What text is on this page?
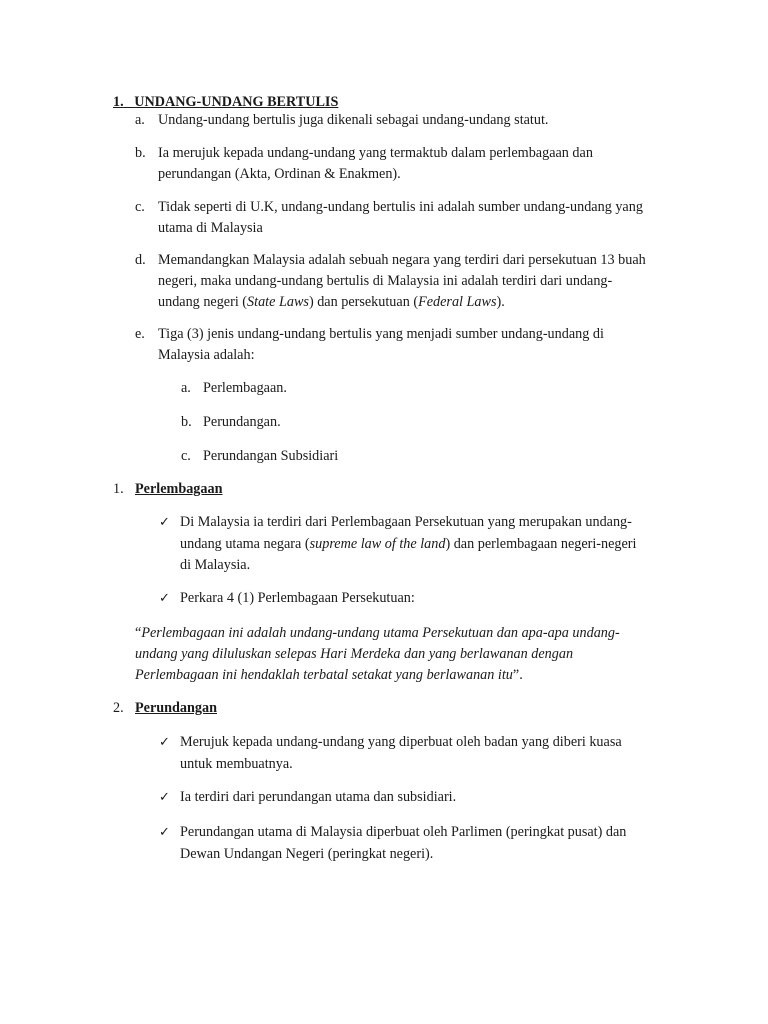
1. UNDANG-UNDANG BERTULIS
a. Undang-undang bertulis juga dikenali sebagai undang-undang statut.
b. Ia merujuk kepada undang-undang yang termaktub dalam perlembagaan dan
perundangan (Akta, Ordinan & Enakmen).
c. Tidak seperti di U.K, undang-undang bertulis ini adalah sumber undang-undang yang
utama di Malaysia
d. Memandangkan Malaysia adalah sebuah negara yang terdiri dari persekutuan 13 buah
negeri, maka undang-undang bertulis di Malaysia ini adalah terdiri dari undang-
undang negeri (State Laws) dan persekutuan (Federal Laws).
e. Tiga (3) jenis undang-undang bertulis yang menjadi sumber undang-undang di
Malaysia adalah:
a. Perlembagaan.
b. Perundangan.
c. Perundangan Subsidiari
1. Perlembagaan
✓ Di Malaysia ia terdiri dari Perlembagaan Persekutuan yang merupakan undang-
undang utama negara (supreme law of the land) dan perlembagaan negeri-negeri
di Malaysia.
✓ Perkara 4 (1) Perlembagaan Persekutuan:
“Perlembagaan ini adalah undang-undang utama Persekutuan dan apa-apa undang-
undang yang diluluskan selepas Hari Merdeka dan yang berlawanan dengan
Perlembagaan ini hendaklah terbatal setakat yang berlawanan itu”.
2. Perundangan
✓ Merujuk kepada undang-undang yang diperbuat oleh badan yang diberi kuasa
untuk membuatnya.
✓ Ia terdiri dari perundangan utama dan subsidiari.
✓ Perundangan utama di Malaysia diperbuat oleh Parlimen (peringkat pusat) dan
Dewan Undangan Negeri (peringkat negeri).
